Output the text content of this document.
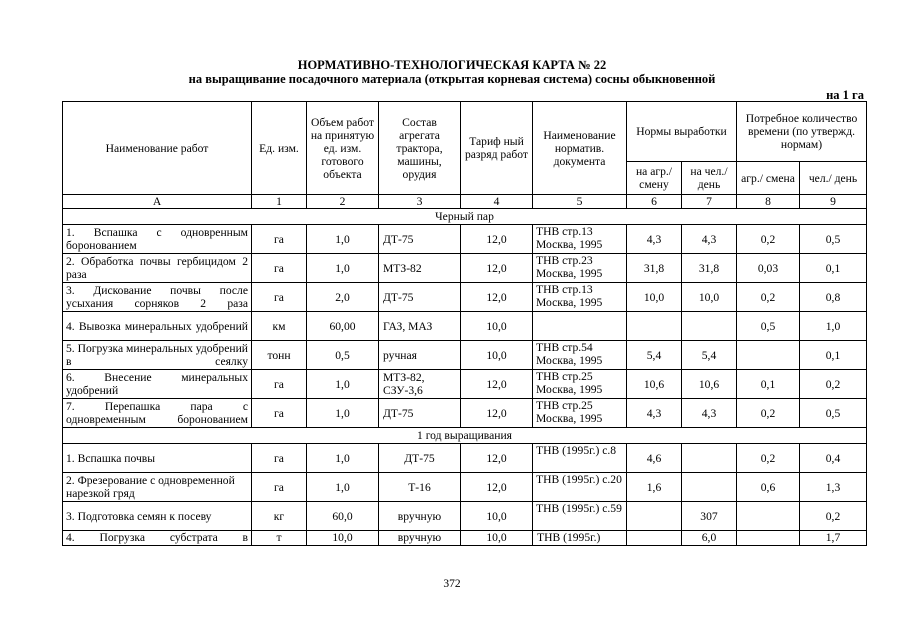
НОРМАТИВНО-ТЕХНОЛОГИЧЕСКАЯ КАРТА № 22
на выращивание посадочного материала (открытая корневая система) сосны обыкновенной
на 1 га
Наименование работ	Ед. изм.	Объем работ на принятую ед. изм. готового объекта	Состав агрегата трактора, машины, орудия	Тариф ный разряд работ	Наименование норматив. документа	Нормы выработки		Потребное количество времени (по утвержд. нормам)	
						на агр./ смену	на чел./ день	агр./ смена	чел./ день
А	1	2	3	4	5	6	7	8	9
Черный пар									
1. Вспашка с одновренным боронованием	га	1,0	ДТ-75	12,0	ТНВ стр.13 Москва, 1995	4,3	4,3	0,2	0,5
2. Обработка почвы гербицидом 2 раза	га	1,0	МТЗ-82	12,0	ТНВ стр.23 Москва, 1995	31,8	31,8	0,03	0,1
3. Дискование почвы после усыхания сорняков 2 раза	га	2,0	ДТ-75	12,0	ТНВ стр.13 Москва, 1995	10,0	10,0	0,2	0,8
4. Вывозка минеральных удобрений	км	60,00	ГАЗ, МАЗ	10,0				0,5	1,0
5. Погрузка минеральных удобрений в сеялку	тонн	0,5	ручная	10,0	ТНВ стр.54 Москва, 1995	5,4	5,4		0,1
6. Внесение минеральных удобрений	га	1,0	МТЗ-82, СЗУ-3,6	12,0	ТНВ стр.25 Москва, 1995	10,6	10,6	0,1	0,2
7. Перепашка пара с одновременным боронованием	га	1,0	ДТ-75	12,0	ТНВ стр.25 Москва, 1995	4,3	4,3	0,2	0,5
1 год выращивания									
1. Вспашка почвы	га	1,0	ДТ-75	12,0	ТНВ (1995г.) с.8	4,6		0,2	0,4
2. Фрезерование с одновременной нарезкой гряд	га	1,0	Т-16	12,0	ТНВ (1995г.) с.20	1,6		0,6	1,3
3. Подготовка семян к посеву	кг	60,0	вручную	10,0	ТНВ (1995г.) с.59		307		0,2
4. Погрузка субстрата в	т	10,0	вручную	10,0	ТНВ (1995г.)		6,0		1,7
372
